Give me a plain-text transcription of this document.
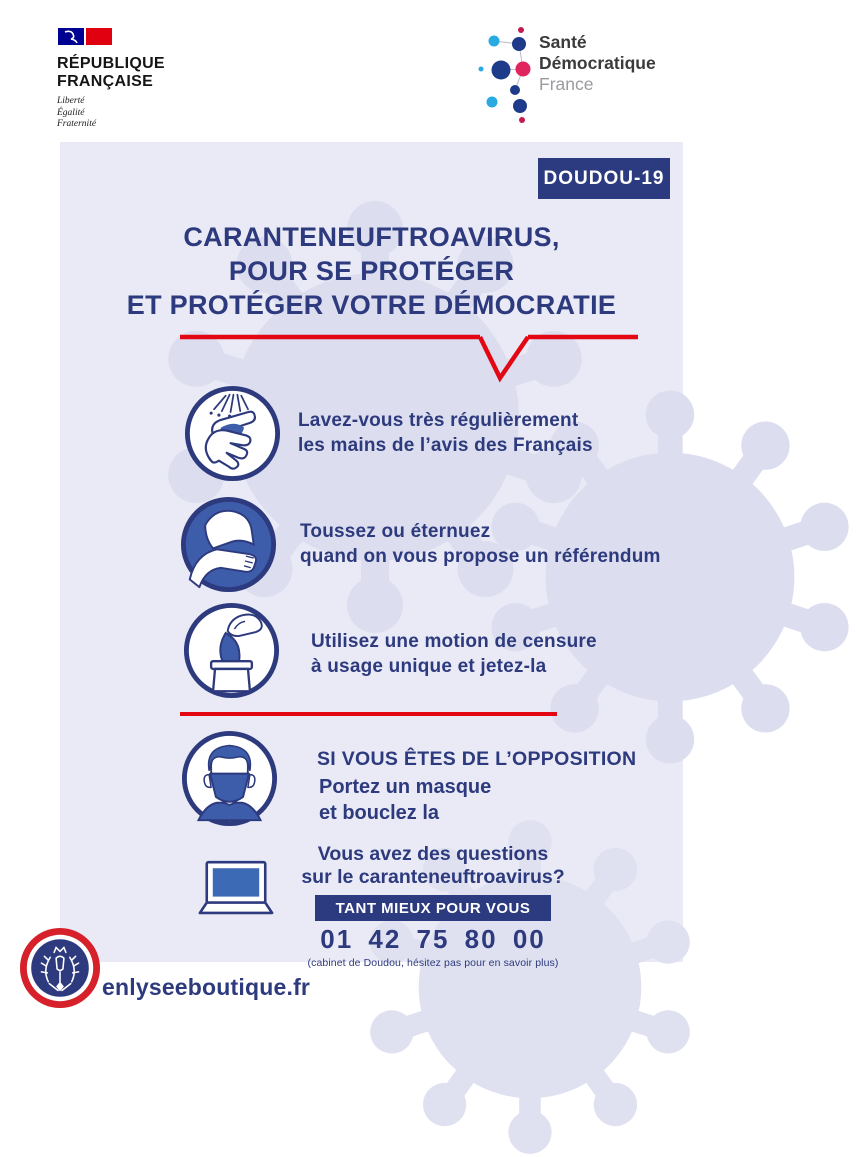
RÉPUBLIQUE
FRANÇAISE
Liberté
Égalité
Fraternité
Santé
Démocratique
France
DOUDOU-19
CARANTENEUFTROAVIRUS,
POUR SE PROTÉGER
ET PROTÉGER VOTRE DÉMOCRATIE
Lavez-vous très régulièrement
les mains de l’avis des Français
Toussez ou éternuez
quand on vous propose un référendum
Utilisez une motion de censure
à usage unique et jetez-la
SI VOUS ÊTES DE L’OPPOSITION
Portez un masque
et bouclez la
Vous avez des questions
sur le caranteneuftroavirus?
TANT MIEUX POUR VOUS
01 42 75 80 00
(cabinet de Doudou, hésitez pas pour en savoir plus)
enlyseeboutique.fr
